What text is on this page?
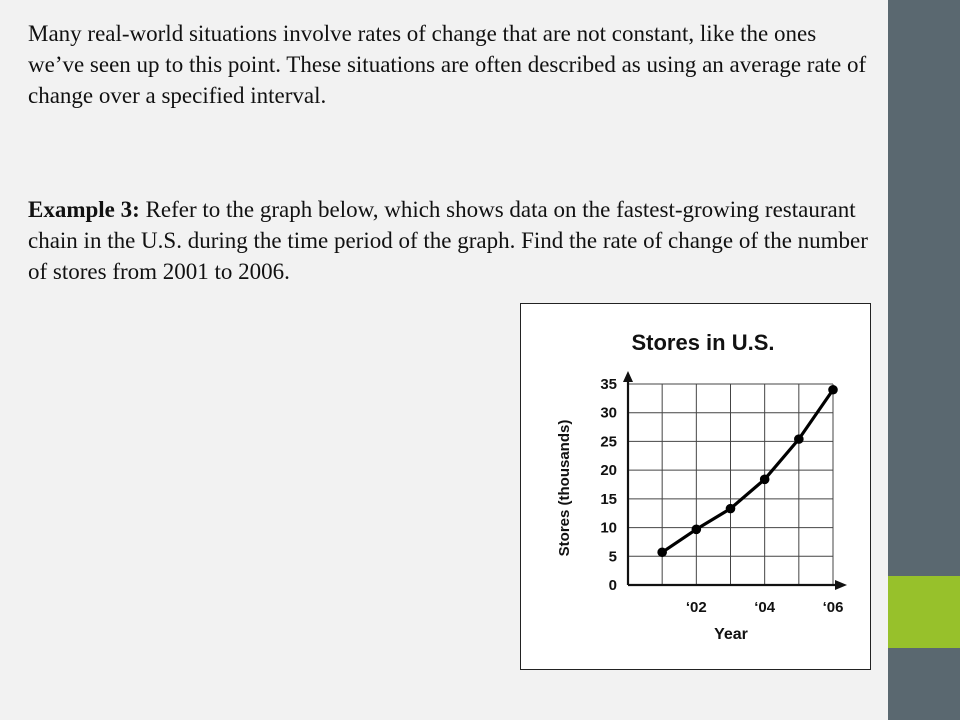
Many real-world situations involve rates of change that are not constant, like the ones we’ve seen up to this point. These situations are often described as using an average rate of change over a specified interval.

Example 3: Refer to the graph below, which shows data on the fastest-growing restaurant chain in the U.S. during the time period of the graph. Find the rate of change of the number of stores from 2001 to 2006.

Stores in U.S.
Stores (thousands)
Year
0
5
10
15
20
25
30
35
‘02	‘04	‘06
